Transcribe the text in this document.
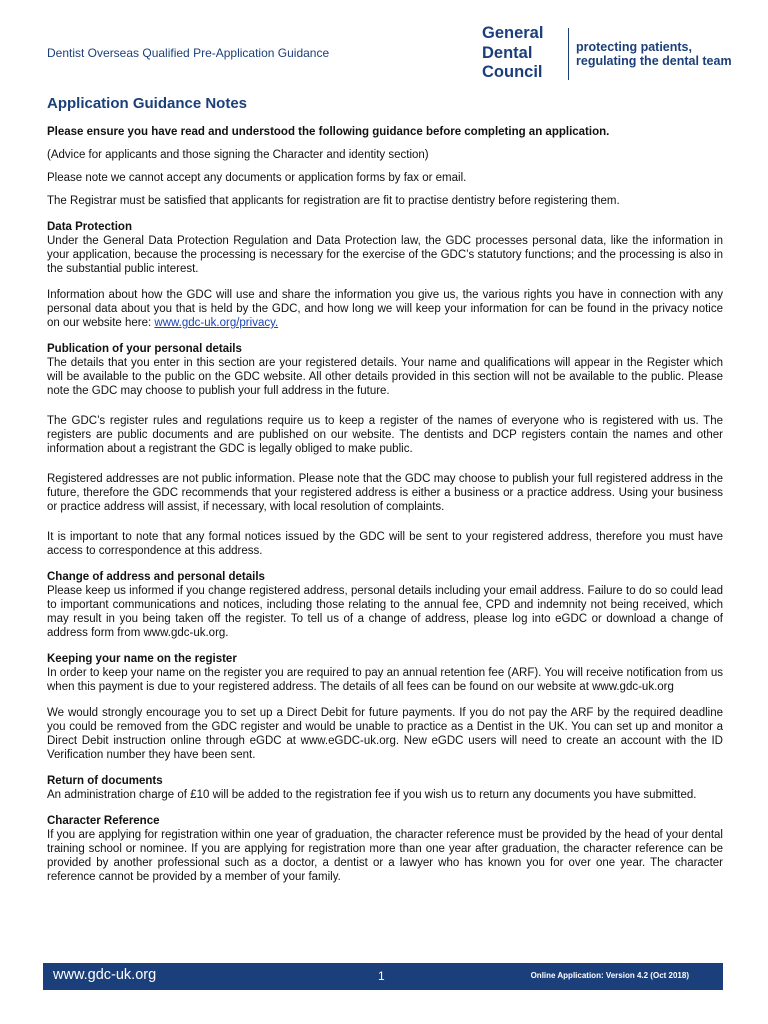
Dentist Overseas Qualified Pre-Application Guidance
General
Dental
Council
protecting patients,
regulating the dental team
Application Guidance Notes

Please ensure you have read and understood the following guidance before completing an application.

(Advice for applicants and those signing the Character and identity section)

Please note we cannot accept any documents or application forms by fax or email.

The Registrar must be satisfied that applicants for registration are fit to practise dentistry before registering them.

Data Protection

Under the General Data Protection Regulation and Data Protection law, the GDC processes personal data, like the information in your application, because the processing is necessary for the exercise of the GDC’s statutory functions; and the processing is also in the substantial public interest.

Information about how the GDC will use and share the information you give us, the various rights you have in connection with any personal data about you that is held by the GDC, and how long we will keep your information for can be found in the privacy notice on our website here: www.gdc-uk.org/privacy.

Publication of your personal details

The details that you enter in this section are your registered details. Your name and qualifications will appear in the Register which will be available to the public on the GDC website. All other details provided in this section will not be available to the public. Please note the GDC may choose to publish your full address in the future.

The GDC’s register rules and regulations require us to keep a register of the names of everyone who is registered with us. The registers are public documents and are published on our website. The dentists and DCP registers contain the names and other information about a registrant the GDC is legally obliged to make public.

Registered addresses are not public information. Please note that the GDC may choose to publish your full registered address in the future, therefore the GDC recommends that your registered address is either a business or a practice address. Using your business or practice address will assist, if necessary, with local resolution of complaints.

It is important to note that any formal notices issued by the GDC will be sent to your registered address, therefore you must have access to correspondence at this address.

Change of address and personal details

Please keep us informed if you change registered address, personal details including your email address. Failure to do so could lead to important communications and notices, including those relating to the annual fee, CPD and indemnity not being received, which may result in you being taken off the register. To tell us of a change of address, please log into eGDC or download a change of address form from www.gdc-uk.org.

Keeping your name on the register

In order to keep your name on the register you are required to pay an annual retention fee (ARF). You will receive notification from us when this payment is due to your registered address. The details of all fees can be found on our website at www.gdc-uk.org

We would strongly encourage you to set up a Direct Debit for future payments. If you do not pay the ARF by the required deadline you could be removed from the GDC register and would be unable to practice as a Dentist in the UK. You can set up and monitor a Direct Debit instruction online through eGDC at www.eGDC-uk.org. New eGDC users will need to create an account with the ID Verification number they have been sent.

Return of documents

An administration charge of £10 will be added to the registration fee if you wish us to return any documents you have submitted.

Character Reference

If you are applying for registration within one year of graduation, the character reference must be provided by the head of your dental training school or nominee. If you are applying for registration more than one year after graduation, the character reference can be provided by another professional such as a doctor, a dentist or a lawyer who has known you for over one year. The character reference cannot be provided by a member of your family.

www.gdc-uk.org	1	Online Application: Version 4.2 (Oct 2018)
